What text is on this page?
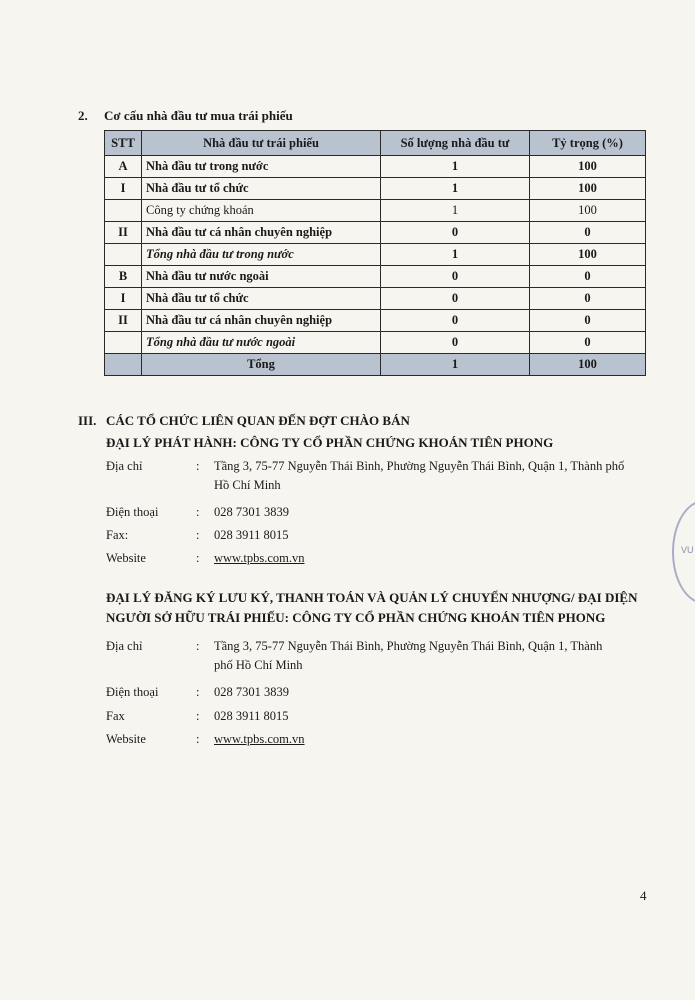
2. Cơ cấu nhà đầu tư mua trái phiếu
STT	Nhà đầu tư trái phiếu	Số lượng nhà đầu tư	Tỷ trọng (%)
A	Nhà đầu tư trong nước	1	100
I	Nhà đầu tư tổ chức	1	100
	Công ty chứng khoán	1	100
II	Nhà đầu tư cá nhân chuyên nghiệp	0	0
	Tổng nhà đầu tư trong nước	1	100
B	Nhà đầu tư nước ngoài	0	0
I	Nhà đầu tư tổ chức	0	0
II	Nhà đầu tư cá nhân chuyên nghiệp	0	0
	Tổng nhà đầu tư nước ngoài	0	0
	Tổng	1	100
III. CÁC TỔ CHỨC LIÊN QUAN ĐẾN ĐỢT CHÀO BÁN
ĐẠI LÝ PHÁT HÀNH: CÔNG TY CỔ PHẦN CHỨNG KHOÁN TIÊN PHONG
Địa chỉ	: Tầng 3, 75-77 Nguyễn Thái Bình, Phường Nguyễn Thái Bình, Quận 1, Thành phố
Hồ Chí Minh
Điện thoại	: 028 7301 3839
Fax:	: 028 3911 8015
Website	: www.tpbs.com.vn
ĐẠI LÝ ĐĂNG KÝ LƯU KÝ, THANH TOÁN VÀ QUẢN LÝ CHUYỂN NHƯỢNG/ ĐẠI DIỆN
NGƯỜI SỞ HỮU TRÁI PHIẾU: CÔNG TY CỔ PHẦN CHỨNG KHOÁN TIÊN PHONG
Địa chỉ	: Tầng 3, 75-77 Nguyễn Thái Bình, Phường Nguyễn Thái Bình, Quận 1, Thành
phố Hồ Chí Minh
Điện thoại	: 028 7301 3839
Fax	: 028 3911 8015
Website	: www.tpbs.com.vn
VU
4
